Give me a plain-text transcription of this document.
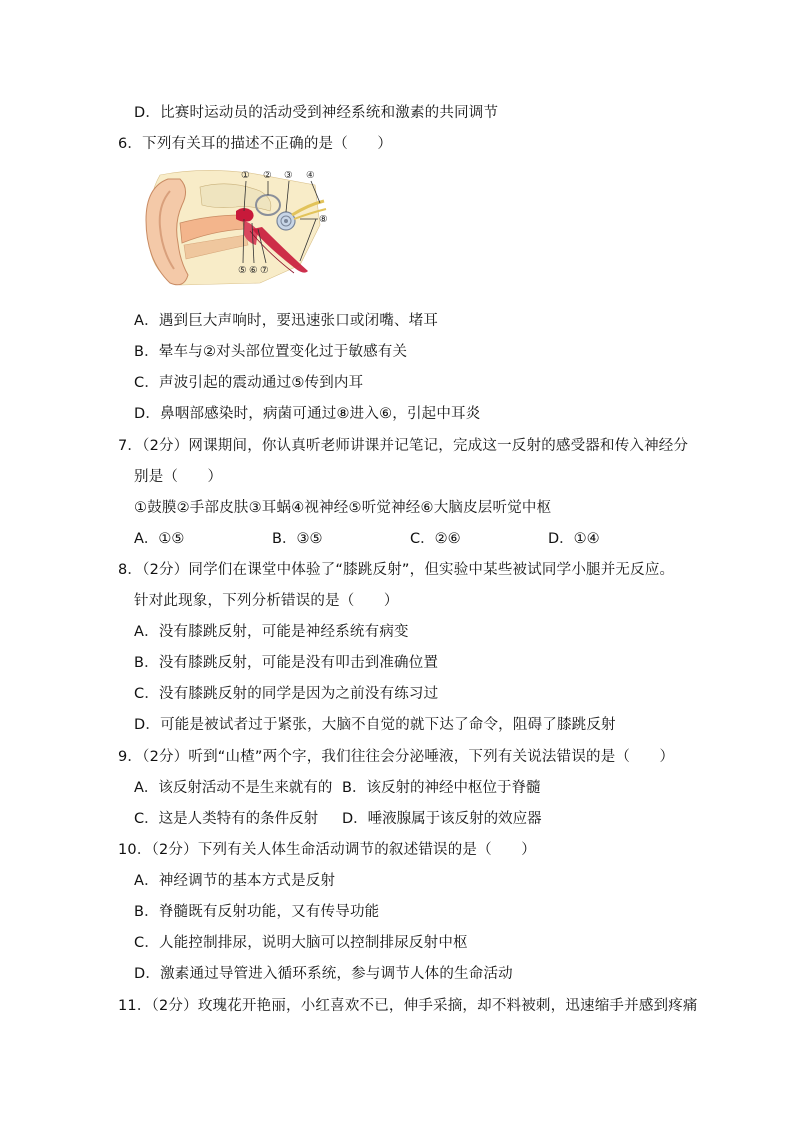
D．比赛时运动员的活动受到神经系统和激素的共同调节
6．下列有关耳的描述不正确的是（　　）
① ② ③ ④
⑤ ⑥ ⑦
⑧
A．遇到巨大声响时，要迅速张口或闭嘴、堵耳
B．晕车与②对头部位置变化过于敏感有关
C．声波引起的震动通过⑤传到内耳
D．鼻咽部感染时，病菌可通过⑧进入⑥，引起中耳炎
7．（2分）网课期间，你认真听老师讲课并记笔记，完成这一反射的感受器和传入神经分
别是（　　）
①鼓膜②手部皮肤③耳蜗④视神经⑤听觉神经⑥大脑皮层听觉中枢
A．①⑤	B．③⑤	C．②⑥	D．①④
8．（2分）同学们在课堂中体验了“膝跳反射”，但实验中某些被试同学小腿并无反应。
针对此现象，下列分析错误的是（　　）
A．没有膝跳反射，可能是神经系统有病变
B．没有膝跳反射，可能是没有叩击到准确位置
C．没有膝跳反射的同学是因为之前没有练习过
D．可能是被试者过于紧张，大脑不自觉的就下达了命令，阻碍了膝跳反射
9．（2分）听到“山楂”两个字，我们往往会分泌唾液，下列有关说法错误的是（　　）
A．该反射活动不是生来就有的 B．该反射的神经中枢位于脊髓
C．这是人类特有的条件反射 D．唾液腺属于该反射的效应器
10．（2分）下列有关人体生命活动调节的叙述错误的是（　　）
A．神经调节的基本方式是反射
B．脊髓既有反射功能，又有传导功能
C．人能控制排尿，说明大脑可以控制排尿反射中枢
D．激素通过导管进入循环系统，参与调节人体的生命活动
11．（2分）玫瑰花开艳丽，小红喜欢不已，伸手采摘，却不料被刺，迅速缩手并感到疼痛
